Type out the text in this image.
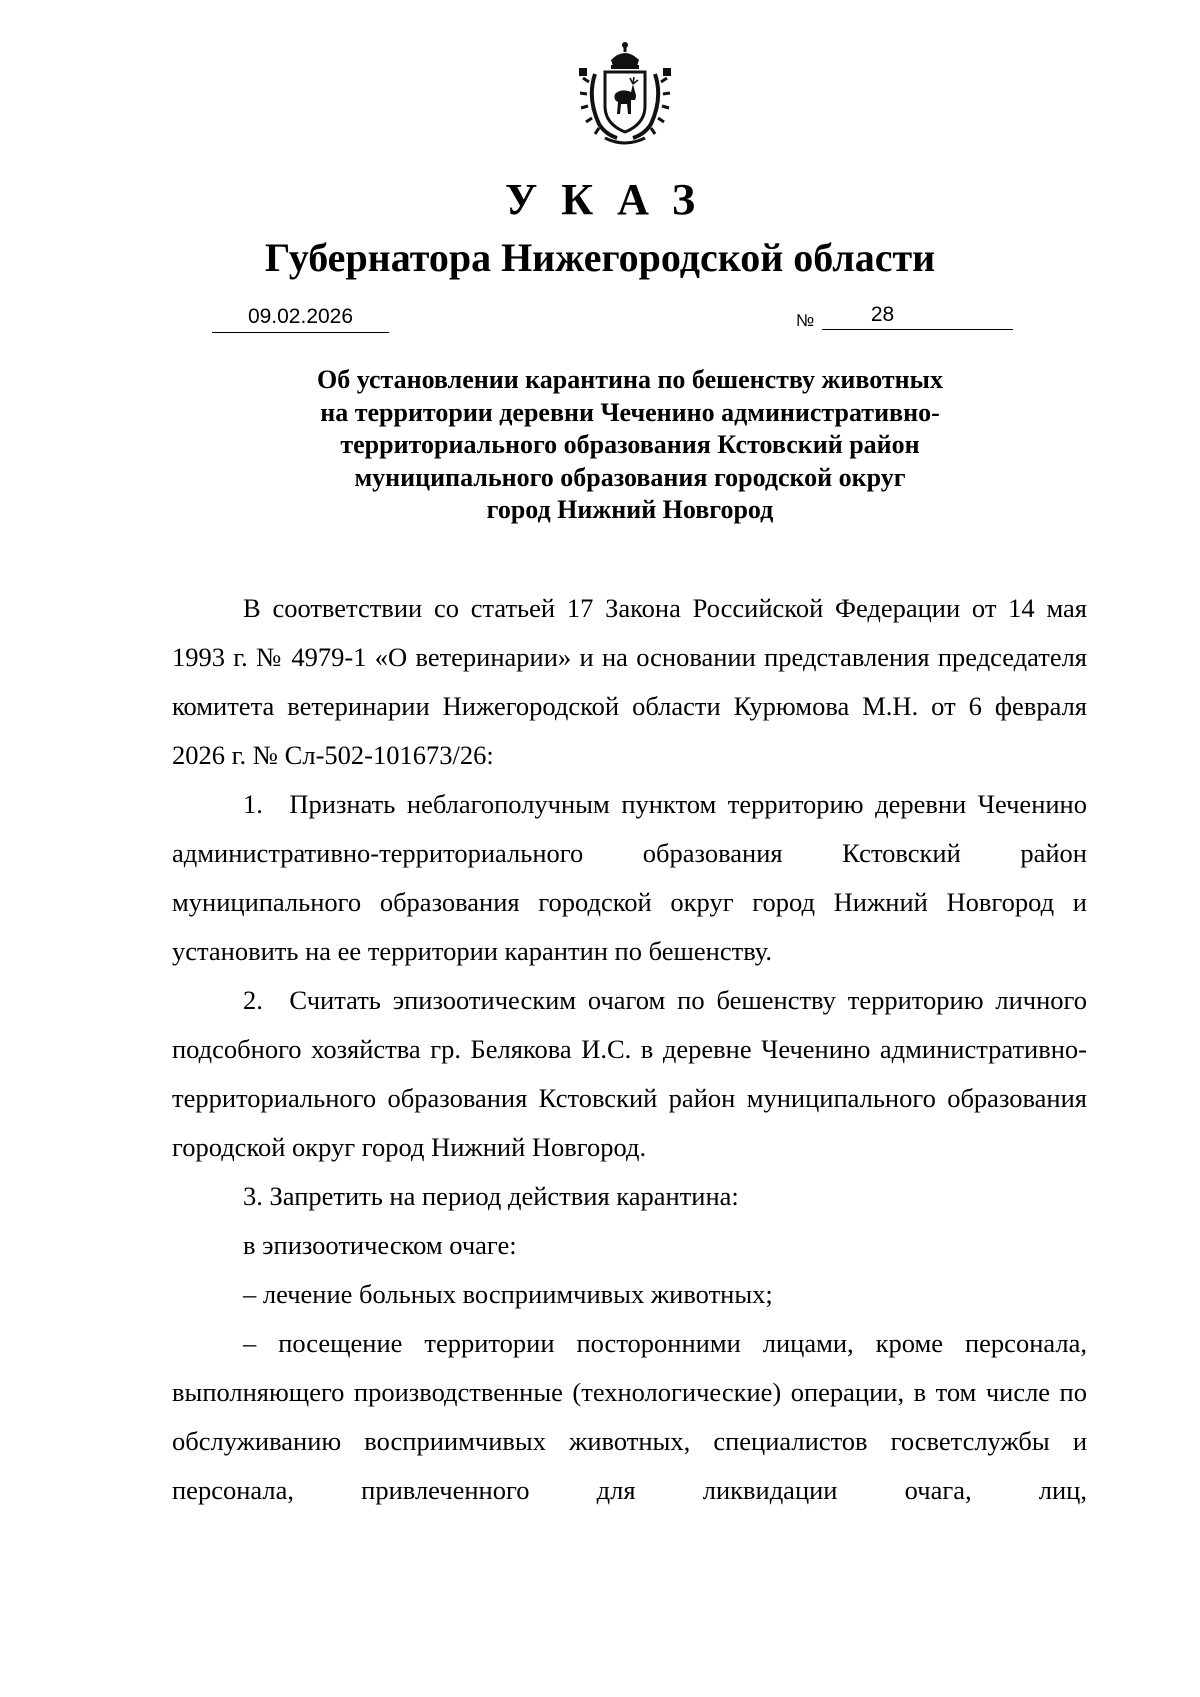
УКАЗ
Губернатора Нижегородской области
09.02.2026	№	28
Об установлении карантина по бешенству животных
на территории деревни Чеченино административно-
территориального образования Кстовский район
муниципального образования городской округ
город Нижний Новгород

В соответствии со статьей 17 Закона Российской Федерации от 14 мая 1993 г. № 4979-1 «О ветеринарии» и на основании представления председателя комитета ветеринарии Нижегородской области Курюмова М.Н. от 6 февраля 2026 г. № Сл-502-101673/26:

1. Признать неблагополучным пунктом территорию деревни Чеченино административно-территориального образования Кстовский район муниципального образования городской округ город Нижний Новгород и установить на ее территории карантин по бешенству.

2. Считать эпизоотическим очагом по бешенству территорию личного подсобного хозяйства гр. Белякова И.С. в деревне Чеченино административно-территориального образования Кстовский район муниципального образования городской округ город Нижний Новгород.

3. Запретить на период действия карантина:

в эпизоотическом очаге:

– лечение больных восприимчивых животных;

– посещение территории посторонними лицами, кроме персонала, выполняющего производственные (технологические) операции, в том числе по обслуживанию восприимчивых животных, специалистов госветслужбы и персонала, привлеченного для ликвидации очага, лиц,
